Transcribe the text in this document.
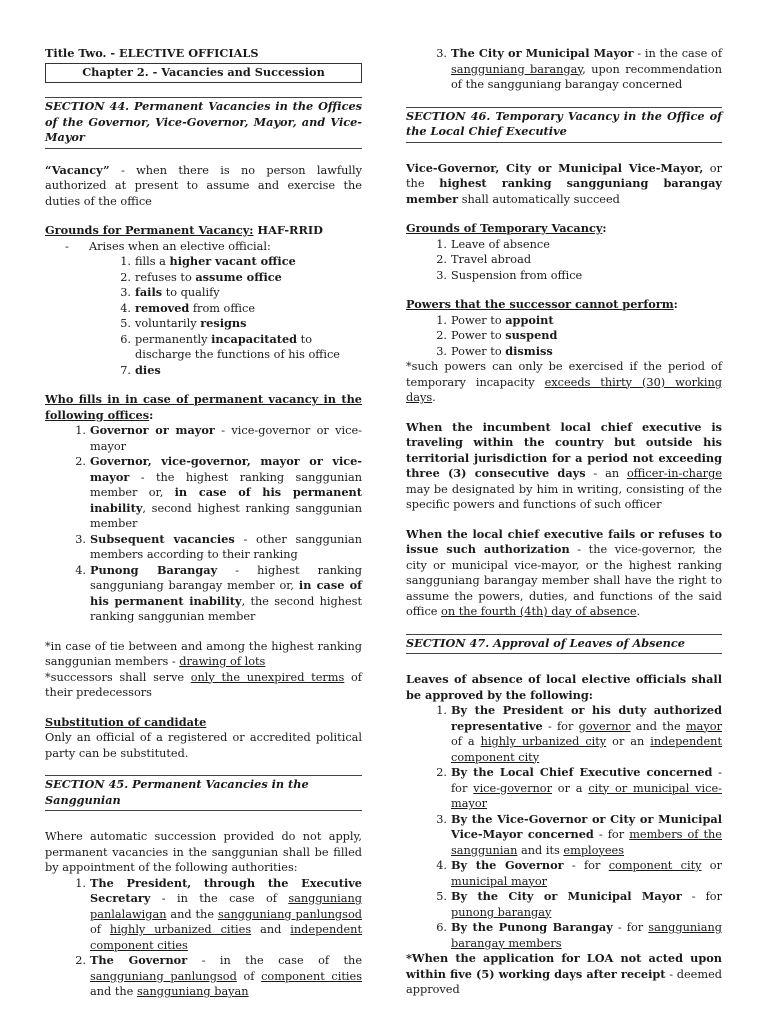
Title Two. - ELECTIVE OFFICIALS

Chapter 2. - Vacancies and Succession

SECTION 44. Permanent Vacancies in the Offices of the Governor, Vice-Governor, Mayor, and Vice-Mayor

“Vacancy” - when there is no person lawfully authorized at present to assume and exercise the duties of the office

Grounds for Permanent Vacancy: HAF-RRID

- Arises when an elective official:
1. fills a higher vacant office
2. refuses to assume office
3. fails to qualify
4. removed from office
5. voluntarily resigns
6. permanently incapacitated to discharge the functions of his office
7. dies

Who fills in in case of permanent vacancy in the following offices:

1. Governor or mayor - vice-governor or vice-mayor
2. Governor, vice-governor, mayor or vice-mayor - the highest ranking sanggunian member or, in case of his permanent inability, second highest ranking sanggunian member
3. Subsequent vacancies - other sanggunian members according to their ranking
4. Punong Barangay - highest ranking sangguniang barangay member or, in case of his permanent inability, the second highest ranking sanggunian member

*in case of tie between and among the highest ranking sanggunian members - drawing of lots

*successors shall serve only the unexpired terms of their predecessors

Substitution of candidate

Only an official of a registered or accredited political party can be substituted.

SECTION 45. Permanent Vacancies in the Sanggunian

Where automatic succession provided do not apply, permanent vacancies in the sanggunian shall be filled by appointment of the following authorities:

1. The President, through the Executive Secretary - in the case of sangguniang panlalawigan and the sangguniang panlungsod of highly urbanized cities and independent component cities
2. The Governor - in the case of the sangguniang panlungsod of component cities and the sangguniang bayan
3. The City or Municipal Mayor - in the case of sangguniang barangay, upon recommendation of the sangguniang barangay concerned

SECTION 46. Temporary Vacancy in the Office of the Local Chief Executive

Vice-Governor, City or Municipal Vice-Mayor, or the highest ranking sangguniang barangay member shall automatically succeed

Grounds of Temporary Vacancy:

1. Leave of absence
2. Travel abroad
3. Suspension from office

Powers that the successor cannot perform:

1. Power to appoint
2. Power to suspend
3. Power to dismiss

*such powers can only be exercised if the period of temporary incapacity exceeds thirty (30) working days.

When the incumbent local chief executive is traveling within the country but outside his territorial jurisdiction for a period not exceeding three (3) consecutive days - an officer-in-charge may be designated by him in writing, consisting of the specific powers and functions of such officer

When the local chief executive fails or refuses to issue such authorization - the vice-governor, the city or municipal vice-mayor, or the highest ranking sangguniang barangay member shall have the right to assume the powers, duties, and functions of the said office on the fourth (4th) day of absence.

SECTION 47. Approval of Leaves of Absence

Leaves of absence of local elective officials shall be approved by the following:

1. By the President or his duty authorized representative - for governor and the mayor of a highly urbanized city or an independent component city
2. By the Local Chief Executive concerned - for vice-governor or a city or municipal vice-mayor
3. By the Vice-Governor or City or Municipal Vice-Mayor concerned - for members of the sanggunian and its employees
4. By the Governor - for component city or municipal mayor
5. By the City or Municipal Mayor - for punong barangay
6. By the Punong Barangay - for sangguniang barangay members

*When the application for LOA not acted upon within five (5) working days after receipt - deemed approved
